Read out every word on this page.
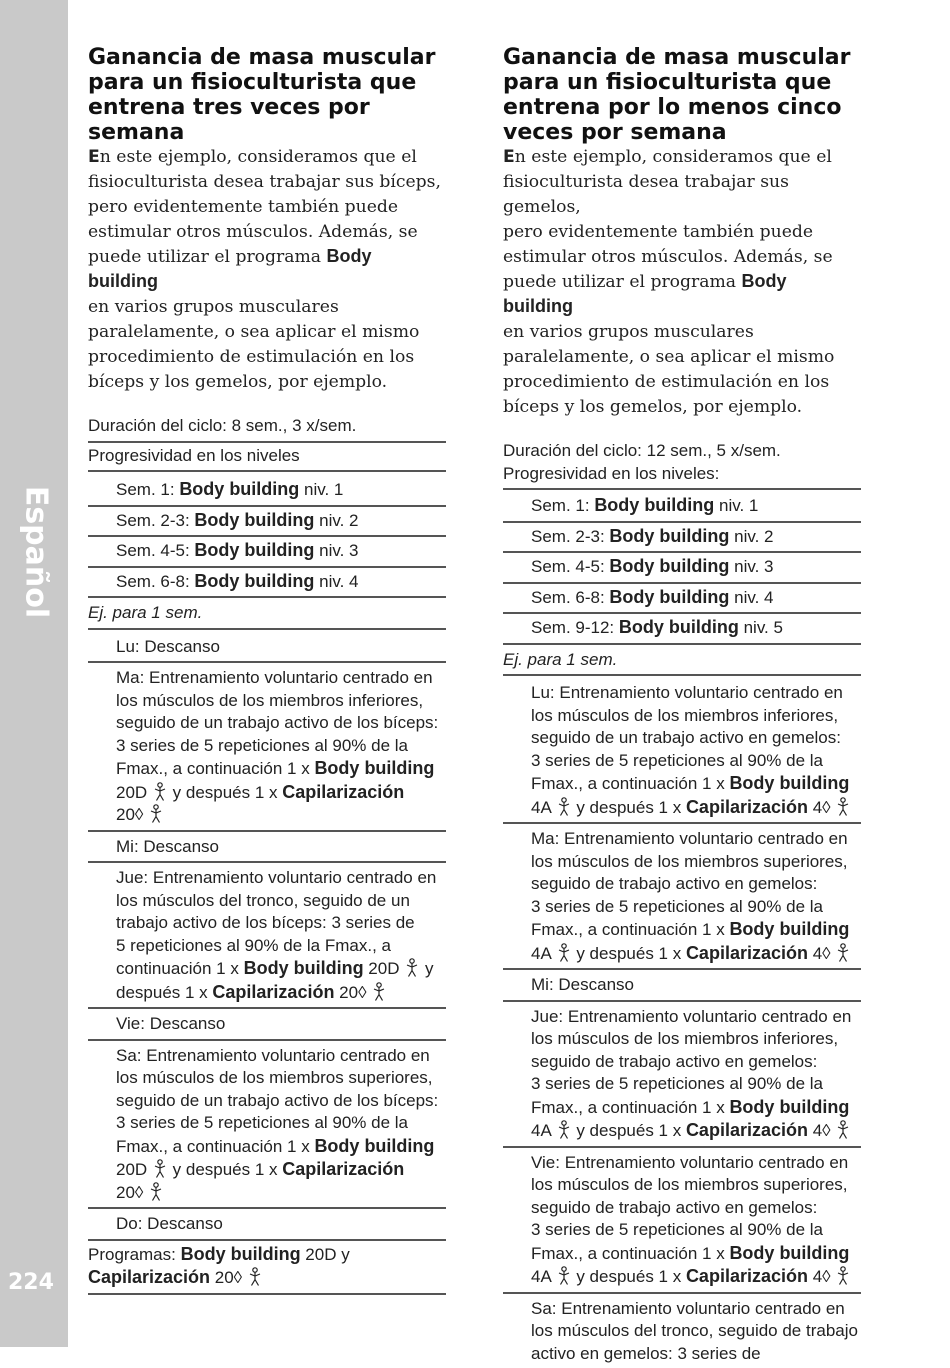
Español
224
Ganancia de masa muscular para un fisioculturista que entrena tres veces por semana
En este ejemplo, consideramos que el
fisioculturista desea trabajar sus bíceps,
pero evidentemente también puede
estimular otros músculos. Además, se
puede utilizar el programa Body building
en varios grupos musculares
paralelamente, o sea aplicar el mismo
procedimiento de estimulación en los
bíceps y los gemelos, por ejemplo.
Duración del ciclo: 8 sem., 3 x/sem.
Progresividad en los niveles
Sem. 1: Body building niv. 1
Sem. 2-3: Body building niv. 2
Sem. 4-5: Body building niv. 3
Sem. 6-8: Body building niv. 4
Ej. para 1 sem.
Lu: Descanso
Ma: Entrenamiento voluntario centrado en
los músculos de los miembros inferiores,
seguido de un trabajo activo de los bíceps:
3 series de 5 repeticiones al 90% de la
Fmax., a continuación 1 x Body building
20D  y después 1 x Capilarización
20◊
Mi: Descanso
Jue: Entrenamiento voluntario centrado en
los músculos del tronco, seguido de un
trabajo activo de los bíceps: 3 series de
5 repeticiones al 90% de la Fmax., a
continuación 1 x Body building 20D  y
después 1 x Capilarización 20◊
Vie: Descanso
Sa: Entrenamiento voluntario centrado en
los músculos de los miembros superiores,
seguido de un trabajo activo de los bíceps:
3 series de 5 repeticiones al 90% de la
Fmax., a continuación 1 x Body building
20D  y después 1 x Capilarización
20◊
Do: Descanso
Programas: Body building 20D y
Capilarización 20◊
Ganancia de masa muscular para un fisioculturista que entrena por lo menos cinco veces por semana
En este ejemplo, consideramos que el
fisioculturista desea trabajar sus gemelos,
pero evidentemente también puede
estimular otros músculos. Además, se
puede utilizar el programa Body building
en varios grupos musculares
paralelamente, o sea aplicar el mismo
procedimiento de estimulación en los
bíceps y los gemelos, por ejemplo.
Duración del ciclo: 12 sem., 5 x/sem.
Progresividad en los niveles:
Sem. 1: Body building niv. 1
Sem. 2-3: Body building niv. 2
Sem. 4-5: Body building niv. 3
Sem. 6-8: Body building niv. 4
Sem. 9-12: Body building niv. 5
Ej. para 1 sem.
Lu: Entrenamiento voluntario centrado en
los músculos de los miembros inferiores,
seguido de un trabajo activo en gemelos:
3 series de 5 repeticiones al 90% de la
Fmax., a continuación 1 x Body building
4A  y después 1 x Capilarización 4◊
Ma: Entrenamiento voluntario centrado en
los músculos de los miembros superiores,
seguido de trabajo activo en gemelos:
3 series de 5 repeticiones al 90% de la
Fmax., a continuación 1 x Body building
4A  y después 1 x Capilarización 4◊
Mi: Descanso
Jue: Entrenamiento voluntario centrado en
los músculos de los miembros inferiores,
seguido de trabajo activo en gemelos:
3 series de 5 repeticiones al 90% de la
Fmax., a continuación 1 x Body building
4A  y después 1 x Capilarización 4◊
Vie: Entrenamiento voluntario centrado en
los músculos de los miembros superiores,
seguido de trabajo activo en gemelos:
3 series de 5 repeticiones al 90% de la
Fmax., a continuación 1 x Body building
4A  y después 1 x Capilarización 4◊
Sa: Entrenamiento voluntario centrado en
los músculos del tronco, seguido de trabajo
activo en gemelos: 3 series de
